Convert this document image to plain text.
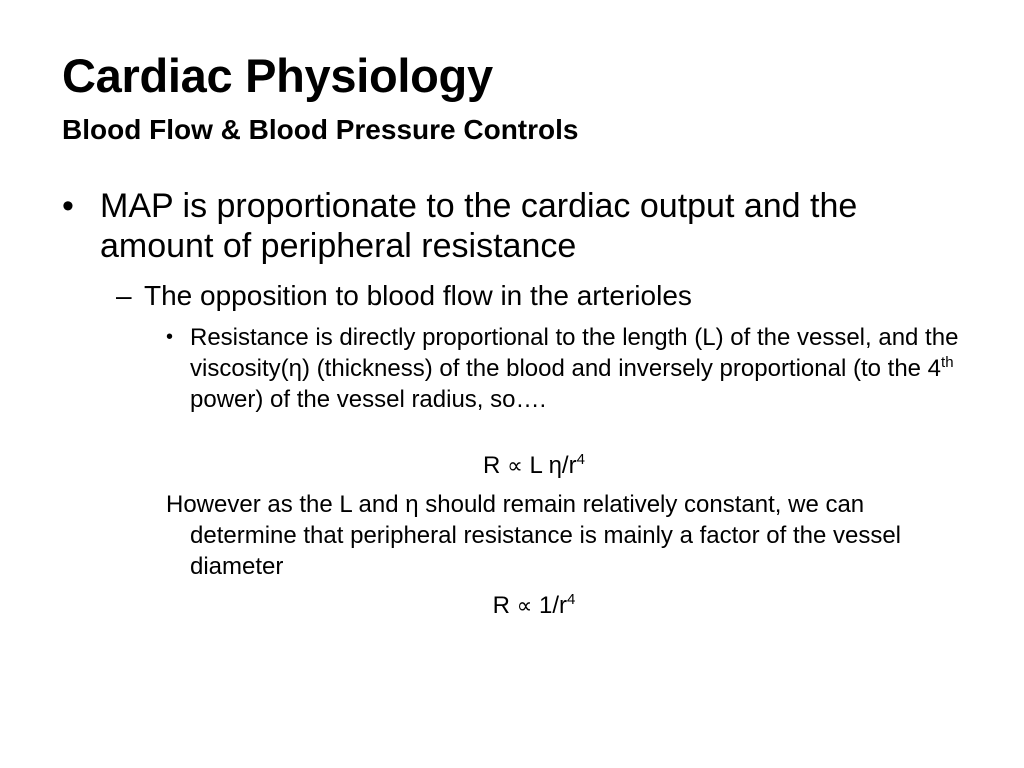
Cardiac Physiology
Blood Flow & Blood Pressure Controls
• MAP is proportionate to the cardiac output and the amount of peripheral resistance
– The opposition to blood flow in the arterioles
• Resistance is directly proportional to the length (L) of the vessel, and the viscosity(η) (thickness) of the blood and inversely proportional (to the 4th power) of the vessel radius, so….
R ∝ L $\eta/r^4$
However as the L and η should remain relatively constant, we can determine that peripheral resistance is mainly a factor of the vessel diameter
$R \propto 1/r^4$
